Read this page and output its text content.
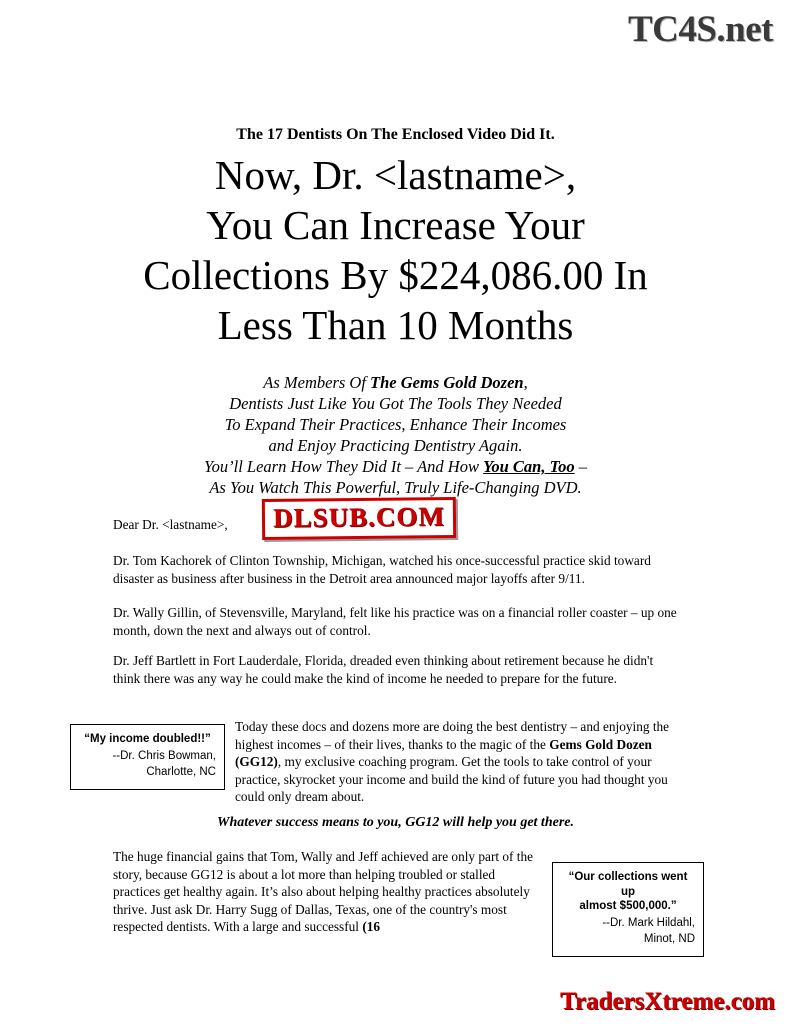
TC4S.net
The 17 Dentists On The Enclosed Video Did It.
Now, Dr. <lastname>,
You Can Increase Your
Collections By $224,086.00 In
Less Than 10 Months
As Members Of The Gems Gold Dozen,
Dentists Just Like You Got The Tools They Needed
To Expand Their Practices, Enhance Their Incomes
and Enjoy Practicing Dentistry Again.
You’ll Learn How They Did It – And How You Can, Too –
As You Watch This Powerful, Truly Life-Changing DVD.
DLSUB.COM
Dear Dr. <lastname>,
Dr. Tom Kachorek of Clinton Township, Michigan, watched his once-successful practice skid toward disaster as business after business in the Detroit area announced major layoffs after 9/11.
Dr. Wally Gillin, of Stevensville, Maryland, felt like his practice was on a financial roller coaster – up one month, down the next and always out of control.
Dr. Jeff Bartlett in Fort Lauderdale, Florida, dreaded even thinking about retirement because he didn't think there was any way he could make the kind of income he needed to prepare for the future.
“My income doubled!!”
--Dr. Chris Bowman,
Charlotte, NC
Today these docs and dozens more are doing the best dentistry – and enjoying the highest incomes – of their lives, thanks to the magic of the Gems Gold Dozen (GG12), my exclusive coaching program. Get the tools to take control of your practice, skyrocket your income and build the kind of future you had thought you could only dream about.
Whatever success means to you, GG12 will help you get there.
The huge financial gains that Tom, Wally and Jeff achieved are only part of the story, because GG12 is about a lot more than helping troubled or stalled practices get healthy again. It’s also about helping healthy practices absolutely thrive. Just ask Dr. Harry Sugg of Dallas, Texas, one of the country's most respected dentists. With a large and successful (16
“Our collections went up
almost $500,000.”
--Dr. Mark Hildahl,
Minot, ND
TradersXtreme.com
